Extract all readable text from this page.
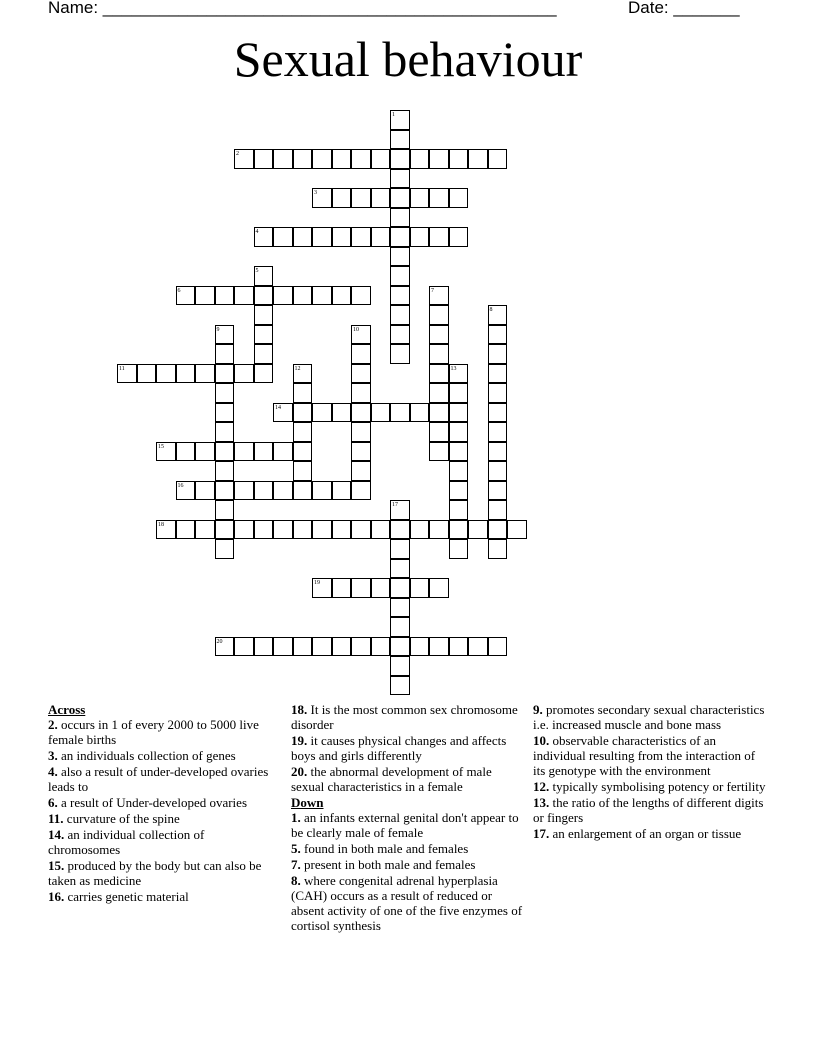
Name: ________________________________________________	Date: _______
Sexual behaviour
1
2
3
4
5
6	7
8
9	10
11	12	13
14
15
16
17
18
19
20
Across
2. occurs in 1 of every 2000 to 5000 live female births
3. an individuals collection of genes
4. also a result of under-developed ovaries leads to
6. a result of Under-developed ovaries
11. curvature of the spine
14. an individual collection of chromosomes
15. produced by the body but can also be taken as medicine
16. carries genetic material
18. It is the most common sex chromosome disorder
19. it causes physical changes and affects boys and girls differently
20. the abnormal development of male sexual characteristics in a female
Down
1. an infants external genital don't appear to be clearly male of female
5. found in both male and females
7. present in both male and females
8. where congenital adrenal hyperplasia (CAH) occurs as a result of reduced or absent activity of one of the five enzymes of cortisol synthesis
9. promotes secondary sexual characteristics i.e. increased muscle and bone mass
10. observable characteristics of an individual resulting from the interaction of its genotype with the environment
12. typically symbolising potency or fertility
13. the ratio of the lengths of different digits or fingers
17. an enlargement of an organ or tissue
